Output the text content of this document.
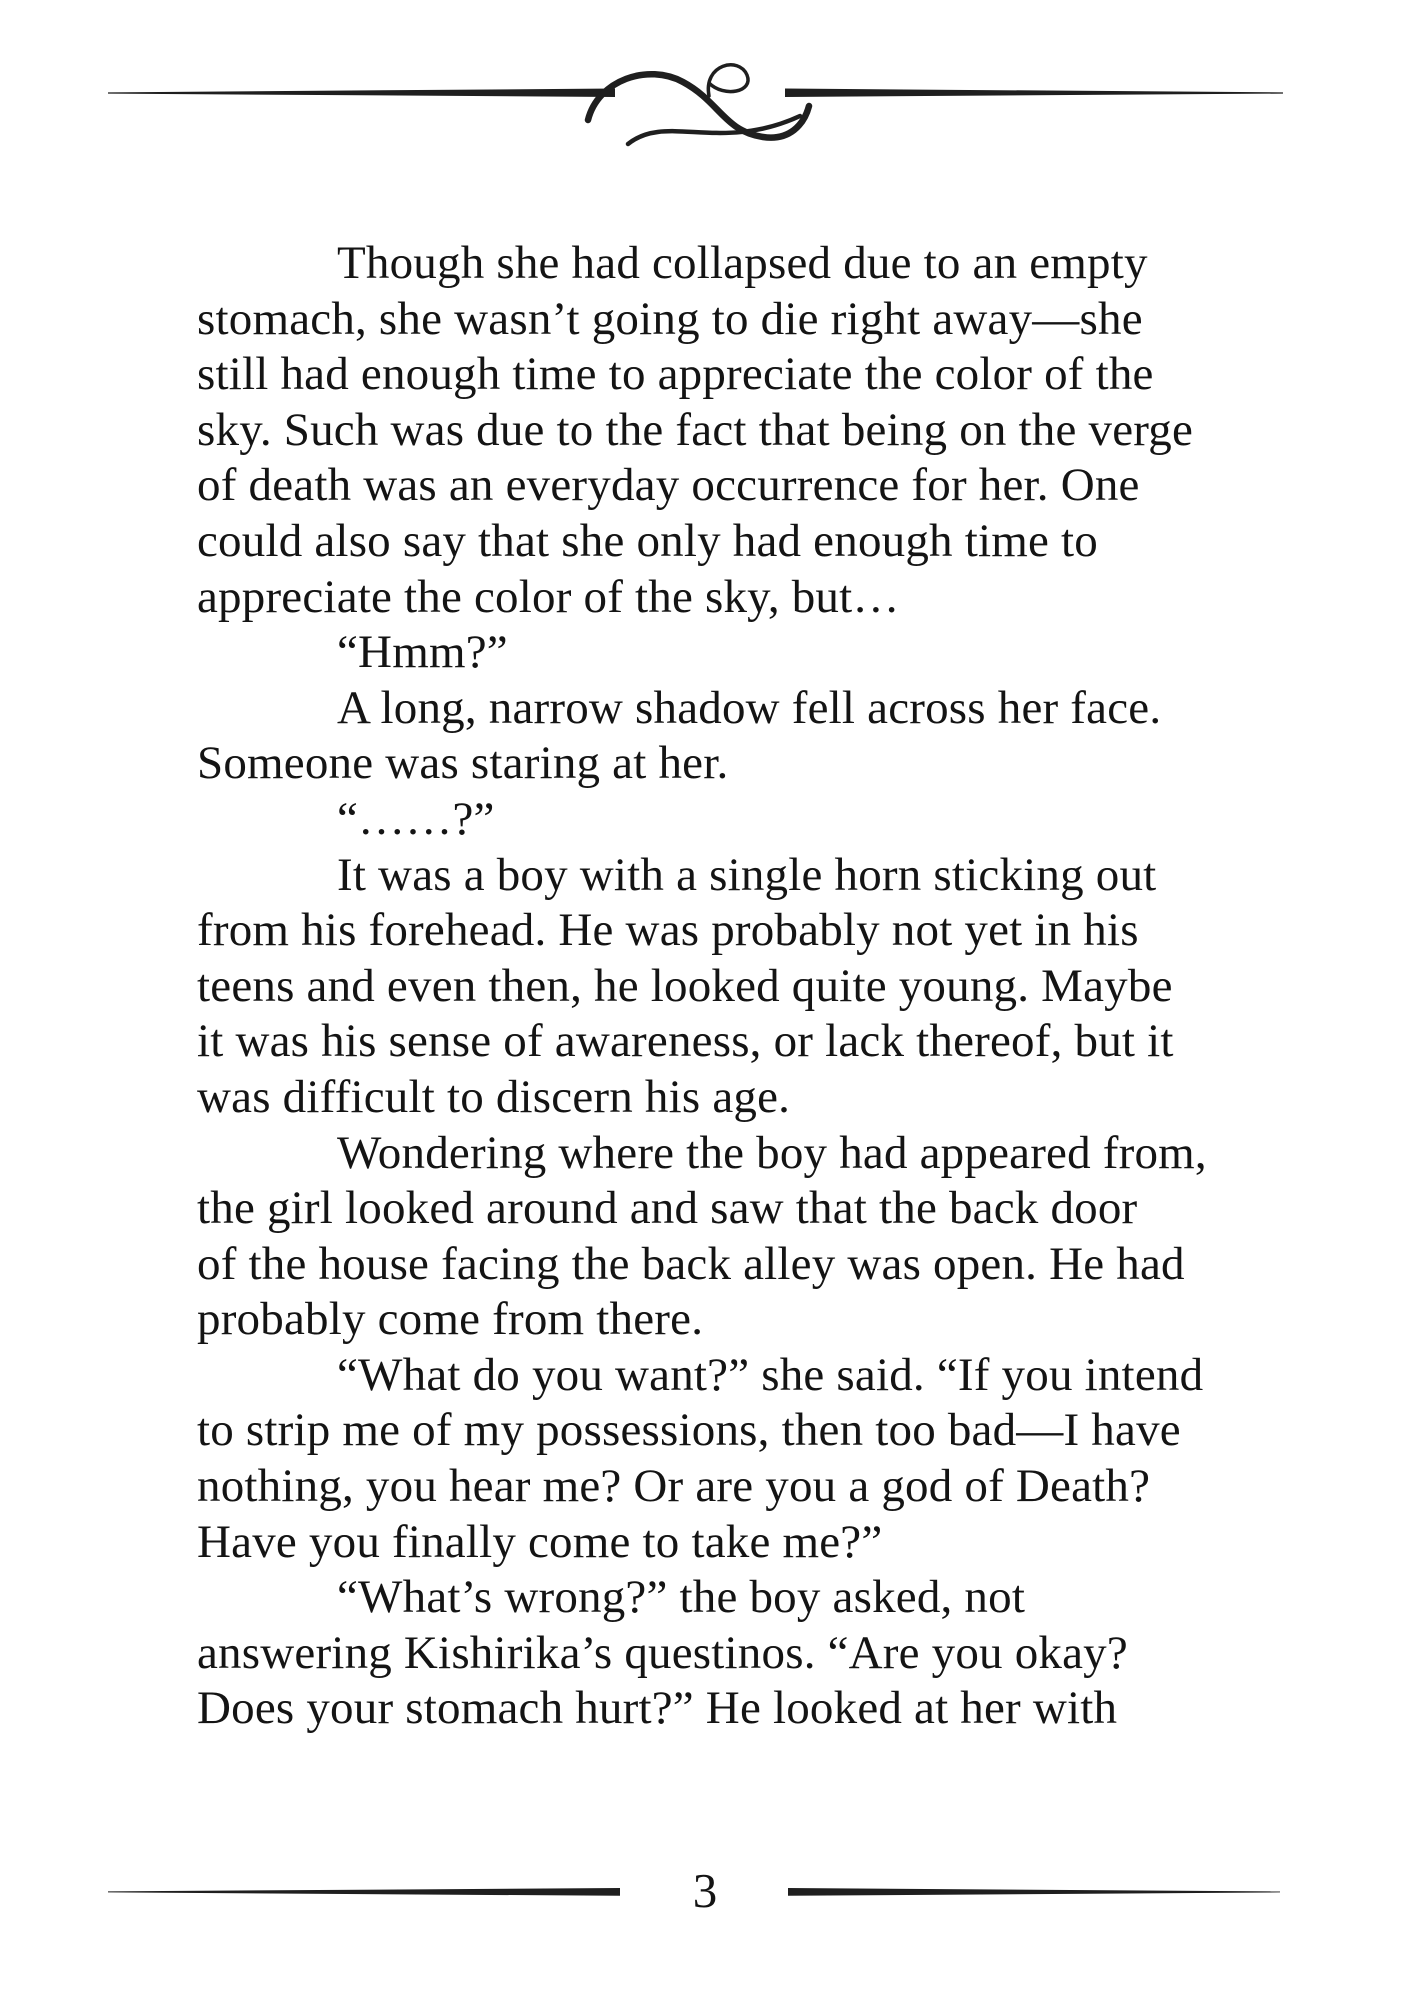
Though she had collapsed due to an empty
stomach, she wasn’t going to die right away—she
still had enough time to appreciate the color of the
sky. Such was due to the fact that being on the verge
of death was an everyday occurrence for her. One
could also say that she only had enough time to
appreciate the color of the sky, but…
“Hmm?”
A long, narrow shadow fell across her face.
Someone was staring at her.
“……?”
It was a boy with a single horn sticking out
from his forehead. He was probably not yet in his
teens and even then, he looked quite young. Maybe
it was his sense of awareness, or lack thereof, but it
was difficult to discern his age.
Wondering where the boy had appeared from,
the girl looked around and saw that the back door
of the house facing the back alley was open. He had
probably come from there.
“What do you want?” she said. “If you intend
to strip me of my possessions, then too bad—I have
nothing, you hear me? Or are you a god of Death?
Have you finally come to take me?”
“What’s wrong?” the boy asked, not
answering Kishirika’s questinos. “Are you okay?
Does your stomach hurt?” He looked at her with
3
